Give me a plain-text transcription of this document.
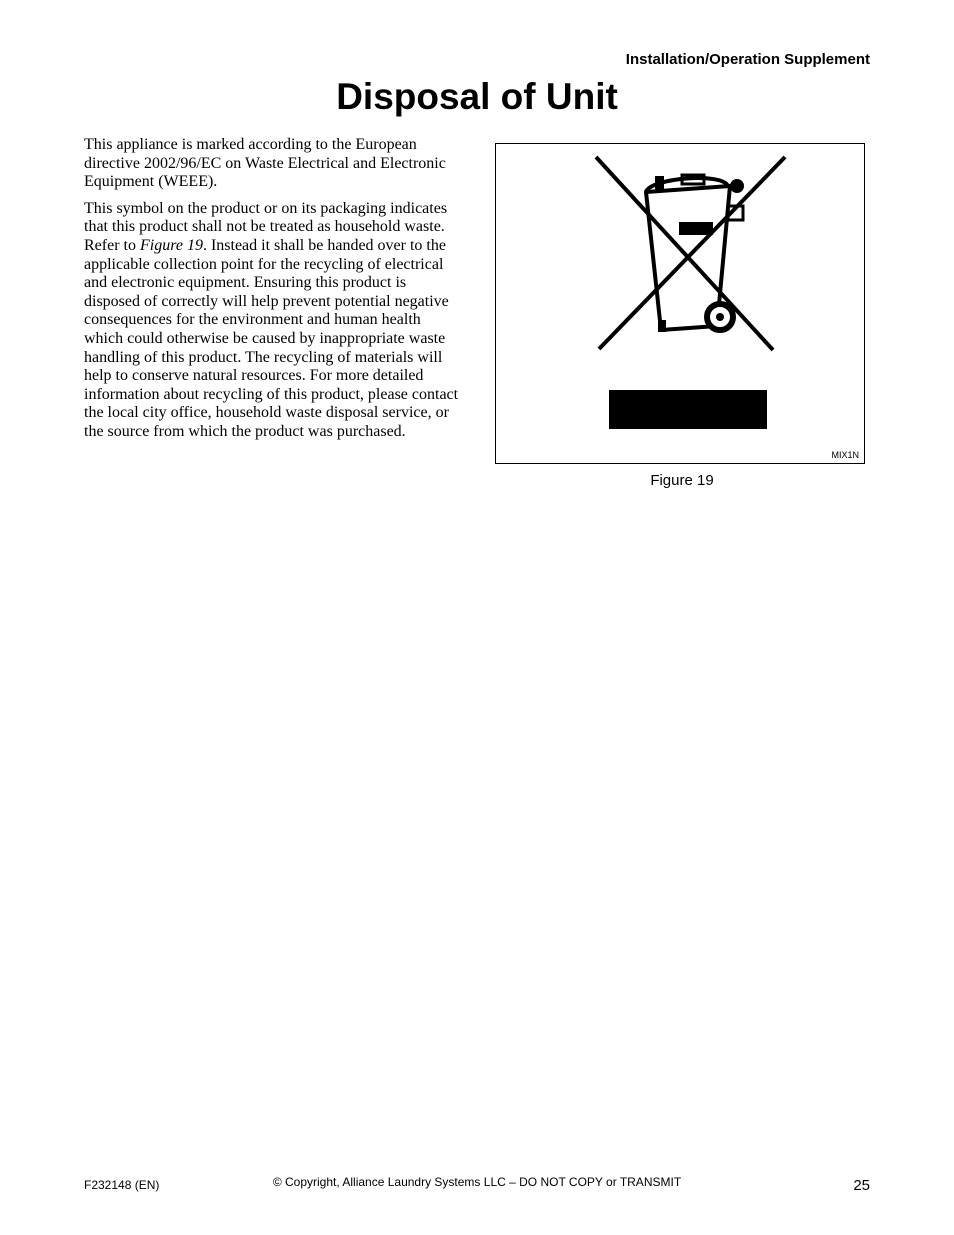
Installation/Operation Supplement
Disposal of Unit

This appliance is marked according to the European directive 2002/96/EC on Waste Electrical and Electronic Equipment (WEEE).

This symbol on the product or on its packaging indicates that this product shall not be treated as household waste. Refer to Figure 19. Instead it shall be handed over to the applicable collection point for the recycling of electrical and electronic equipment. Ensuring this product is disposed of correctly will help prevent potential negative consequences for the environment and human health which could otherwise be caused by inappropriate waste handling of this product. The recycling of materials will help to conserve natural resources. For more detailed information about recycling of this product, please contact the local city office, household waste disposal service, or the source from which the product was purchased.

MIX1N
Figure 19
F232148 (EN)	© Copyright, Alliance Laundry Systems LLC – DO NOT COPY or TRANSMIT	25
